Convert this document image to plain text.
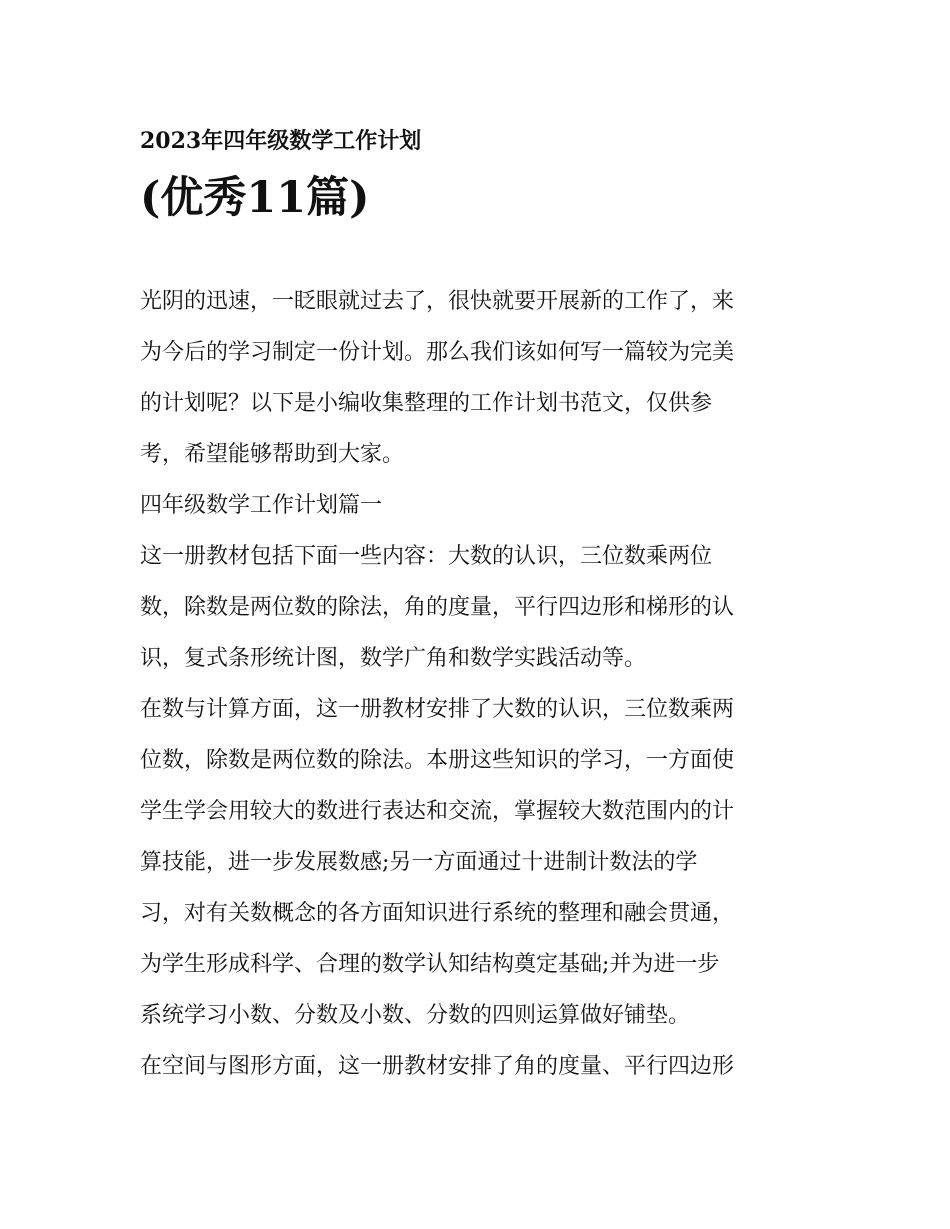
2023年四年级数学工作计划
(优秀11篇)
光阴的迅速，一眨眼就过去了，很快就要开展新的工作了，来
为今后的学习制定一份计划。那么我们该如何写一篇较为完美
的计划呢？以下是小编收集整理的工作计划书范文，仅供参
考，希望能够帮助到大家。
四年级数学工作计划篇一
这一册教材包括下面一些内容：大数的认识，三位数乘两位
数，除数是两位数的除法，角的度量，平行四边形和梯形的认
识，复式条形统计图，数学广角和数学实践活动等。
在数与计算方面，这一册教材安排了大数的认识，三位数乘两
位数，除数是两位数的除法。本册这些知识的学习，一方面使
学生学会用较大的数进行表达和交流，掌握较大数范围内的计
算技能，进一步发展数感;另一方面通过十进制计数法的学
习，对有关数概念的各方面知识进行系统的整理和融会贯通，
为学生形成科学、合理的数学认知结构奠定基础;并为进一步
系统学习小数、分数及小数、分数的四则运算做好铺垫。
在空间与图形方面，这一册教材安排了角的度量、平行四边形
